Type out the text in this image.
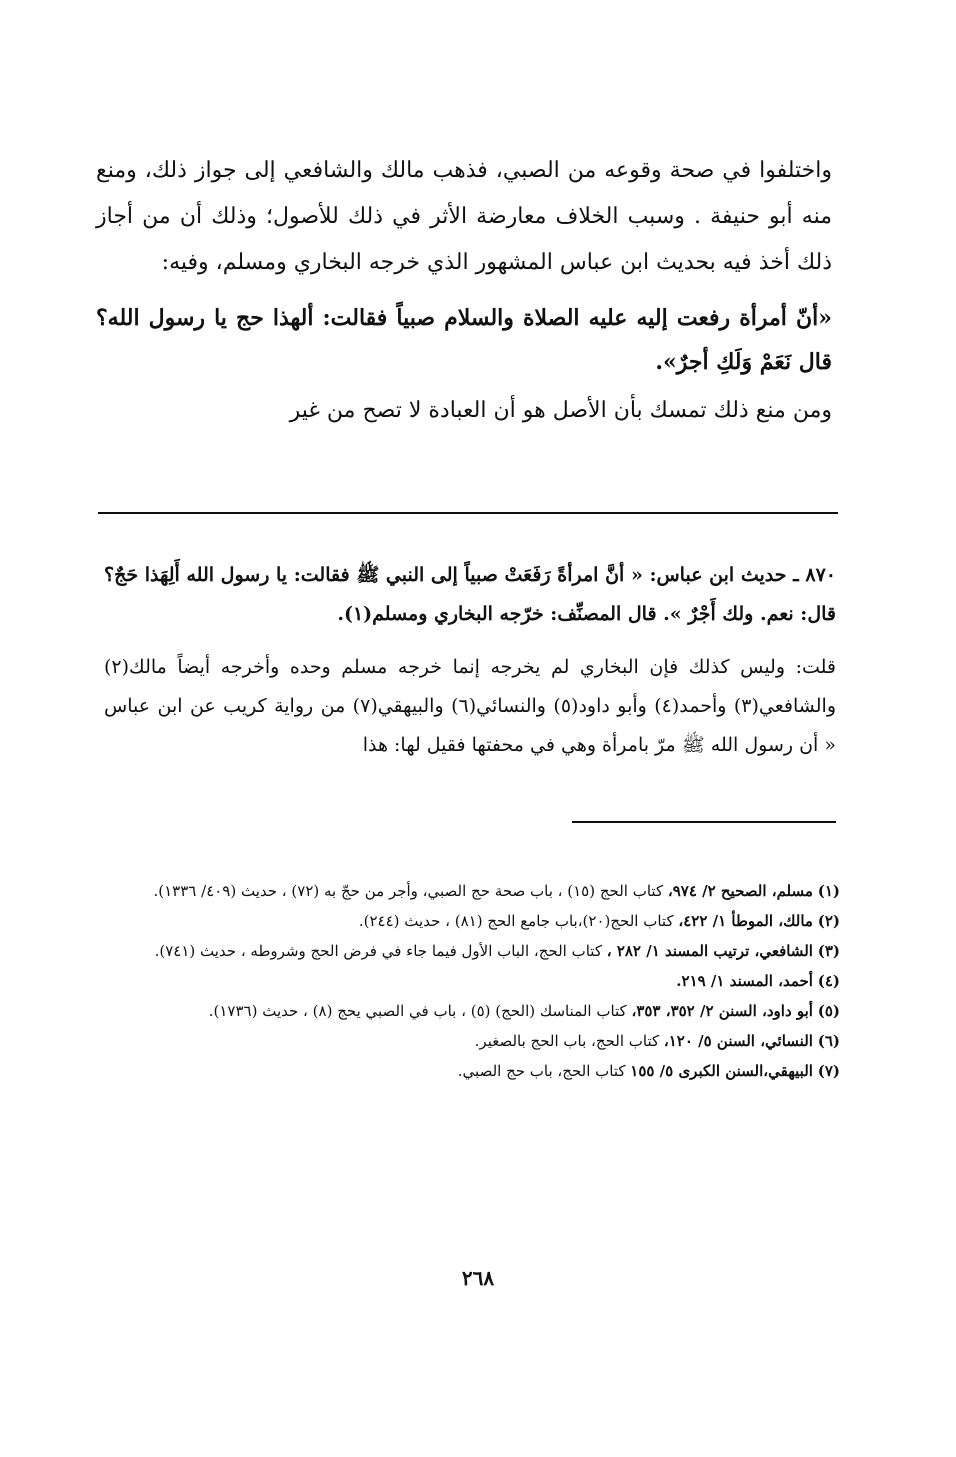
واختلفوا في صحة وقوعه من الصبي، فذهب مالك والشافعي إلى جواز ذلك، ومنع منه أبو حنيفة . وسبب الخلاف معارضة الأثر في ذلك للأصول؛ وذلك أن من أجاز ذلك أخذ فيه بحديث ابن عباس المشهور الذي خرجه البخاري ومسلم، وفيه:

«أنّ أمرأة رفعت إليه عليه الصلاة والسلام صبياً فقالت: ألهذا حج يا رسول الله؟ قال نَعَمْ وَلَكِ أجرٌ».

ومن منع ذلك تمسك بأن الأصل هو أن العبادة لا تصح من غير

٨٧٠ ـ حديث ابن عباس: « أنَّ امرأةً رَفَعَتْ صبياً إلى النبي ﷺ فقالت: يا رسول الله أَلِهَذا حَجٌ؟ قال: نعم. ولك أَجْرٌ ». قال المصنِّف: خرّجه البخاري ومسلم(١).

قلت: وليس كذلك فإن البخاري لم يخرجه إنما خرجه مسلم وحده وأخرجه أيضاً مالك(٢) والشافعي(٣) وأحمد(٤) وأبو داود(٥) والنسائي(٦) والبيهقي(٧) من رواية كريب عن ابن عباس « أن رسول الله ﷺ مرّ بامرأة وهي في محفتها فقيل لها: هذا

(١) مسلم، الصحيح ٢/ ٩٧٤، كتاب الحج (١٥) ، باب صحة حج الصبي، وأجر من حجّ به (٧٢) ، حديث (٤٠٩/ ١٣٣٦).

(٢) مالك، الموطأ ١/ ٤٢٢، كتاب الحج(٢٠)،باب جامع الحج (٨١) ، حديث (٢٤٤).

(٣) الشافعي، ترتيب المسند ١/ ٢٨٢ ، كتاب الحج، الباب الأول فيما جاء في فرض الحج وشروطه ، حديث (٧٤١).

(٤) أحمد، المسند ١/ ٢١٩.

(٥) أبو داود، السنن ٢/ ٣٥٢، ٣٥٣، كتاب المناسك (الحج) (٥) ، باب في الصبي يحج (٨) ، حديث (١٧٣٦).

(٦) النسائي، السنن ٥/ ١٢٠، كتاب الحج، باب الحج بالصغير.

(٧) البيهقي،السنن الكبرى ٥/ ١٥٥ كتاب الحج، باب حج الصبي.

٢٦٨
